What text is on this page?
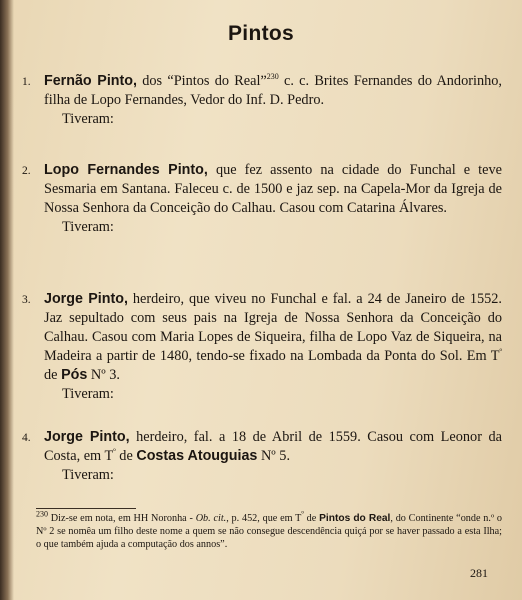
Pintos
1. Fernão Pinto, dos “Pintos do Real”$^{230}$ c. c. Brites Fernandes do Andorinho, filha de Lopo Fernandes, Vedor do Inf. D. Pedro.
Tiveram:
2. Lopo Fernandes Pinto, que fez assento na cidade do Funchal e teve Sesmaria em Santana. Faleceu c. de 1500 e jaz sep. na Capela-Mor da Igreja de Nossa Senhora da Conceição do Calhau. Casou com Catarina Álvares.
Tiveram:
3. Jorge Pinto, herdeiro, que viveu no Funchal e fal. a 24 de Janeiro de 1552. Jaz sepultado com seus pais na Igreja de Nossa Senhora da Conceição do Calhau. Casou com Maria Lopes de Siqueira, filha de Lopo Vaz de Siqueira, na Madeira a partir de 1480, tendo-se fixado na Lombada da Ponta do Sol. Em $T^º$ de Pós Nº 3.
Tiveram:
4. Jorge Pinto, herdeiro, fal. a 18 de Abril de 1559. Casou com Leonor da Costa, em $T^º$ de Costas Atouguias Nº 5.
Tiveram:
$^{230}$ Diz-se em nota, em HH Noronha - Ob. cit., p. 452, que em $T^º$ de Pintos do Real, do Continente “onde n.º o Nº 2 se nomêa um filho deste nome a quem se não consegue descendência quiçá por se haver passado a esta Ilha; o que também ajuda a computação dos annos”.
281
